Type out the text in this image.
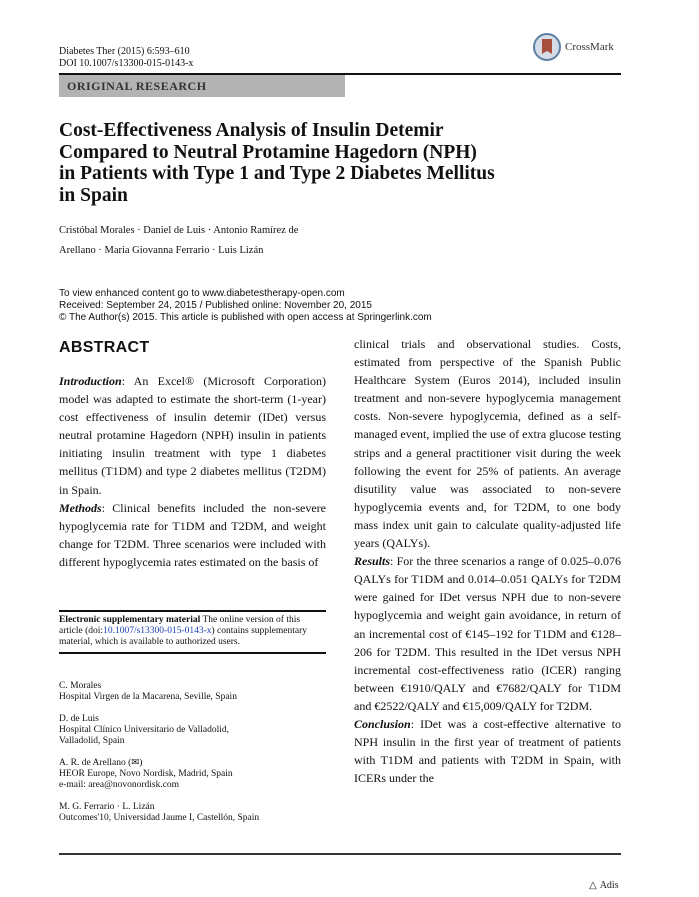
Diabetes Ther (2015) 6:593–610
DOI 10.1007/s13300-015-0143-x
CrossMark
ORIGINAL RESEARCH
Cost-Effectiveness Analysis of Insulin Detemir
Compared to Neutral Protamine Hagedorn (NPH)
in Patients with Type 1 and Type 2 Diabetes Mellitus
in Spain
Cristóbal Morales · Daniel de Luis · Antonio Ramírez de
Arellano · Maria Giovanna Ferrario · Luis Lizán
To view enhanced content go to www.diabetestherapy-open.com
Received: September 24, 2015 / Published online: November 20, 2015
© The Author(s) 2015. This article is published with open access at Springerlink.com
ABSTRACT

Introduction: An Excel® (Microsoft Corporation) model was adapted to estimate the short-term (1-year) cost effectiveness of insulin detemir (IDet) versus neutral protamine Hagedorn (NPH) insulin in patients initiating insulin treatment with type 1 diabetes mellitus (T1DM) and type 2 diabetes mellitus (T2DM) in Spain.

Methods: Clinical benefits included the non-severe hypoglycemia rate for T1DM and T2DM, and weight change for T2DM. Three scenarios were included with different hypoglycemia rates estimated on the basis of

Electronic supplementary material The online version of this article (doi:10.1007/s13300-015-0143-x) contains supplementary material, which is available to authorized users.
C. Morales
Hospital Virgen de la Macarena, Seville, Spain
D. de Luis
Hospital Clínico Universitario de Valladolid,
Valladolid, Spain
A. R. de Arellano (✉)
HEOR Europe, Novo Nordisk, Madrid, Spain
e-mail: area@novonordisk.com
M. G. Ferrario · L. Lizán
Outcomes'10, Universidad Jaume I, Castellón, Spain

clinical trials and observational studies. Costs, estimated from perspective of the Spanish Public Healthcare System (Euros 2014), included insulin treatment and non-severe hypoglycemia management costs. Non-severe hypoglycemia, defined as a self-managed event, implied the use of extra glucose testing strips and a general practitioner visit during the week following the event for 25% of patients. An average disutility value was associated to non-severe hypoglycemia events and, for T2DM, to one body mass index unit gain to calculate quality-adjusted life years (QALYs).

Results: For the three scenarios a range of 0.025–0.076 QALYs for T1DM and 0.014–0.051 QALYs for T2DM were gained for IDet versus NPH due to non-severe hypoglycemia and weight gain avoidance, in return of an incremental cost of €145–192 for T1DM and €128–206 for T2DM. This resulted in the IDet versus NPH incremental cost-effectiveness ratio (ICER) ranging between €1910/QALY and €7682/QALY for T1DM and €2522/QALY and €15,009/QALY for T2DM.

Conclusion: IDet was a cost-effective alternative to NPH insulin in the first year of treatment of patients with T1DM and patients with T2DM in Spain, with ICERs under the

△ Adis
